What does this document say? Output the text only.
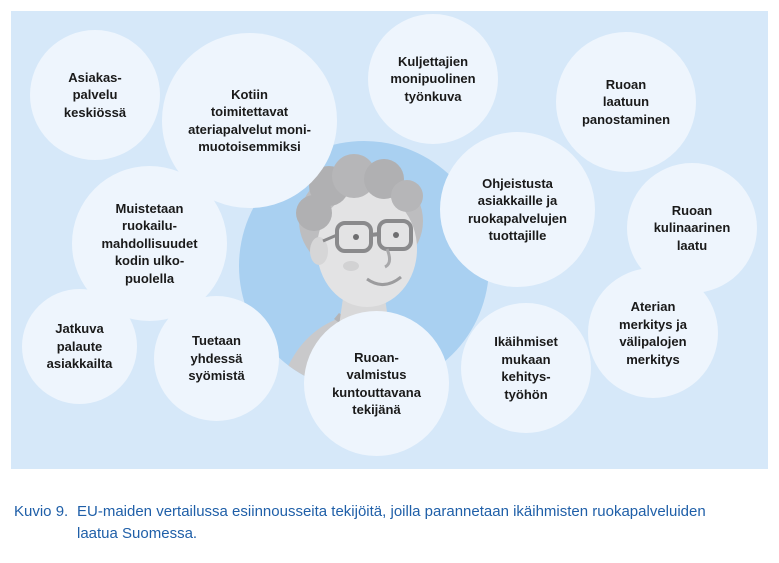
Asiakas-
palvelu
keskiössä
Kotiin
toimitettavat
ateriapalvelut moni-
muotoisemmiksi
Kuljettajien
monipuolinen
työnkuva
Ruoan
laatuun
panostaminen
Ohjeistusta
asiakkaille ja
ruokapalvelujen
tuottajille
Muistetaan
ruokailu-
mahdollisuudet
kodin ulko-
puolella
Ruoan
kulinaarinen
laatu
Jatkuva
palaute
asiakkailta
Tuetaan
yhdessä
syömistä
Ruoan-
valmistus
kuntouttavana
tekijänä
Ikäihmiset
mukaan
kehitys-
työhön
Aterian
merkitys ja
välipalojen
merkitys
Kuvio 9. EU-maiden vertailussa esiinnousseita tekijöitä, joilla parannetaan ikäihmisten ruokapalveluiden laatua Suomessa.
